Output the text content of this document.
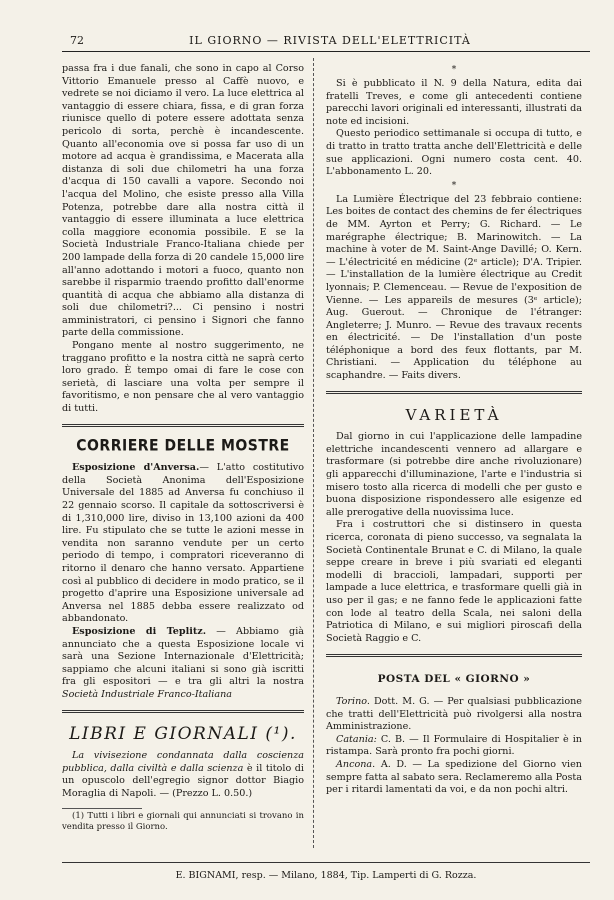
72	IL GIORNO — RIVISTA DELL'ELETTRICITÀ

passa fra i due fanali, che sono in capo al Corso Vittorio Emanuele presso al Caffè nuovo, e vedrete se noi diciamo il vero. La luce elettrica al vantaggio di essere chiara, fissa, e di gran forza riunisce quello di potere essere adottata senza pericolo di sorta, perchè è incandescente. Quanto all'economia ove si possa far uso di un motore ad acqua è grandissima, e Macerata alla distanza di soli due chilometri ha una forza d'acqua di 150 cavalli a vapore. Secondo noi l'acqua del Molino, che esiste presso alla Villa Potenza, potrebbe dare alla nostra città il vantaggio di essere illuminata a luce elettrica colla maggiore economia possibile. E se la Società Industriale Franco-Italiana chiede per 200 lampade della forza di 20 candele 15,000 lire all'anno adottando i motori a fuoco, quanto non sarebbe il risparmio traendo profitto dall'enorme quantità di acqua che abbiamo alla distanza di soli due chilometri?... Ci pensino i nostri amministratori, ci pensino i Signori che fanno parte della commissione.

Pongano mente al nostro suggerimento, ne traggano profitto e la nostra città ne saprà certo loro grado. È tempo omai di fare le cose con serietà, di lasciare una volta per sempre il favoritismo, e non pensare che al vero vantaggio di tutti.

CORRIERE DELLE MOSTRE

Esposizione d'Anversa.— L'atto costitutivo della Società Anonima dell'Esposizione Universale del 1885 ad Anversa fu conchiuso il 22 gennaio scorso. Il capitale da sottoscriversi è di 1,310,000 lire, diviso in 13,100 azioni da 400 lire. Fu stipulato che se tutte le azioni messe in vendita non saranno vendute per un certo periodo di tempo, i compratori riceveranno di ritorno il denaro che hanno versato. Appartiene così al pubblico di decidere in modo pratico, se il progetto d'aprire una Esposizione universale ad Anversa nel 1885 debba essere realizzato od abbandonato.

Esposizione di Teplitz. — Abbiamo già annunciato che a questa Esposizione locale vi sarà una Sezione Internazionale d'Elettricità; sappiamo che alcuni italiani si sono già iscritti fra gli espositori — e tra gli altri la nostra Società Industriale Franco-Italiana

LIBRI E GIORNALI (¹).

La vivisezione condannata dalla coscienza pubblica, dalla civiltà e dalla scienza è il titolo di un opuscolo dell'egregio signor dottor Biagio Moraglia di Napoli. — (Prezzo L. 0.50.)

(1) Tutti i libri e giornali qui annunciati si trovano in vendita presso il Giorno.

*

Si è pubblicato il N. 9 della Natura, edita dai fratelli Treves, e come gli antecedenti contiene parecchi lavori originali ed interessanti, illustrati da note ed incisioni.

Questo periodico settimanale si occupa di tutto, e di tratto in tratto tratta anche dell'Elettricità e delle sue applicazioni. Ogni numero costa cent. 40. L'abbonamento L. 20.

*

La Lumière Électrique del 23 febbraio contiene: Les boites de contact des chemins de fer électriques de MM. Ayrton et Perry; G. Richard. — Le marégraphe électrique; B. Marinowitch. — La machine à voter de M. Saint-Ange Davillé; O. Kern. — L'électricité en médicine (2ᵉ article); D'A. Tripier. — L'installation de la lumière électrique au Credit lyonnais; P. Clemenceau. — Revue de l'exposition de Vienne. — Les appareils de mesures (3ᵉ article); Aug. Guerout. — Chronique de l'étranger: Angleterre; J. Munro. — Revue des travaux recents en électricité. — De l'installation d'un poste téléphonique a bord des feux flottants, par M. Christiani. — Application du téléphone au scaphandre. — Faits divers.

VARIETÀ

Dal giorno in cui l'applicazione delle lampadine elettriche incandescenti vennero ad allargare e trasformare (si potrebbe dire anche rivoluzionare) gli apparecchi d'illuminazione, l'arte e l'industria si misero tosto alla ricerca di modelli che per gusto e buona disposizione rispondessero alle esigenze ed alle prerogative della nuovissima luce.

Fra i costruttori che si distinsero in questa ricerca, coronata di pieno successo, va segnalata la Società Continentale Brunat e C. di Milano, la quale seppe creare in breve i più svariati ed eleganti modelli di braccioli, lampadari, supporti per lampade a luce elettrica, e trasformare quelli già in uso per il gas; e ne fanno fede le applicazioni fatte con lode al teatro della Scala, nei saloni della Patriotica di Milano, e sui migliori piroscafi della Società Raggio e C.

POSTA DEL « GIORNO »

Torino. Dott. M. G. — Per qualsiasi pubblicazione che tratti dell'Elettricità può rivolgersi alla nostra Amministrazione.

Catania: C. B. — Il Formulaire di Hospitalier è in ristampa. Sarà pronto fra pochi giorni.

Ancona. A. D. — La spedizione del Giorno vien sempre fatta al sabato sera. Reclameremo alla Posta per i ritardi lamentati da voi, e da non pochi altri.

E. BIGNAMI, resp. — Milano, 1884, Tip. Lamperti di G. Rozza.
